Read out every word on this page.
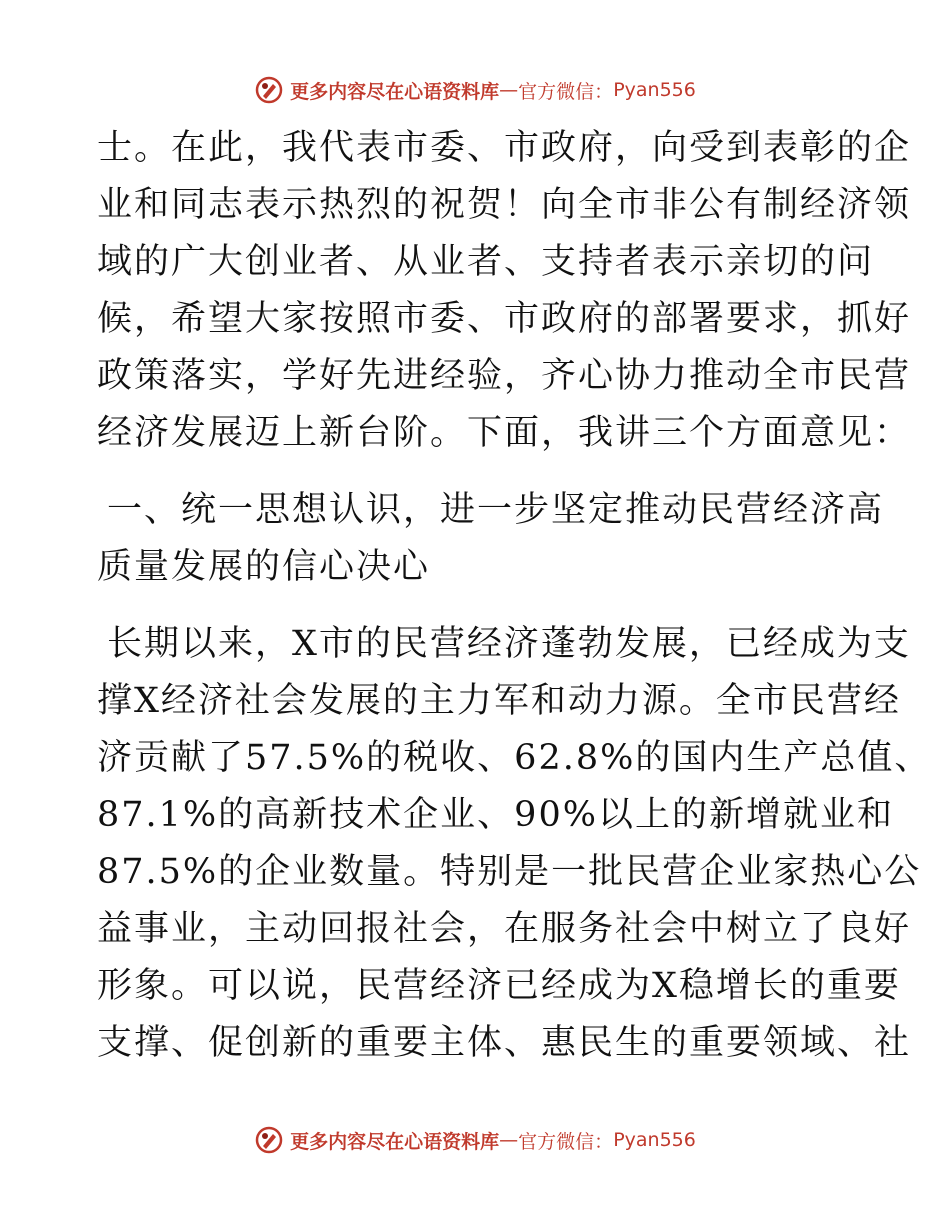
更多内容尽在心语资料库 — 官方微信： Pyan556
士。在此，我代表市委、市政府，向受到表彰的企
业和同志表示热烈的祝贺！向全市非公有制经济领
域的广大创业者、从业者、支持者表示亲切的问
候，希望大家按照市委、市政府的部署要求，抓好
政策落实，学好先进经验，齐心协力推动全市民营
经济发展迈上新台阶。下面，我讲三个方面意见：
一、统一思想认识，进一步坚定推动民营经济高
质量发展的信心决心
长期以来，X市的民营经济蓬勃发展，已经成为支
撑X经济社会发展的主力军和动力源。全市民营经
济贡献了57.5%的税收、62.8%的国内生产总值、
87.1%的高新技术企业、90%以上的新增就业和
87.5%的企业数量。特别是一批民营企业家热心公
益事业，主动回报社会，在服务社会中树立了良好
形象。可以说，民营经济已经成为X稳增长的重要
支撑、促创新的重要主体、惠民生的重要领域、社
更多内容尽在心语资料库 — 官方微信： Pyan556
